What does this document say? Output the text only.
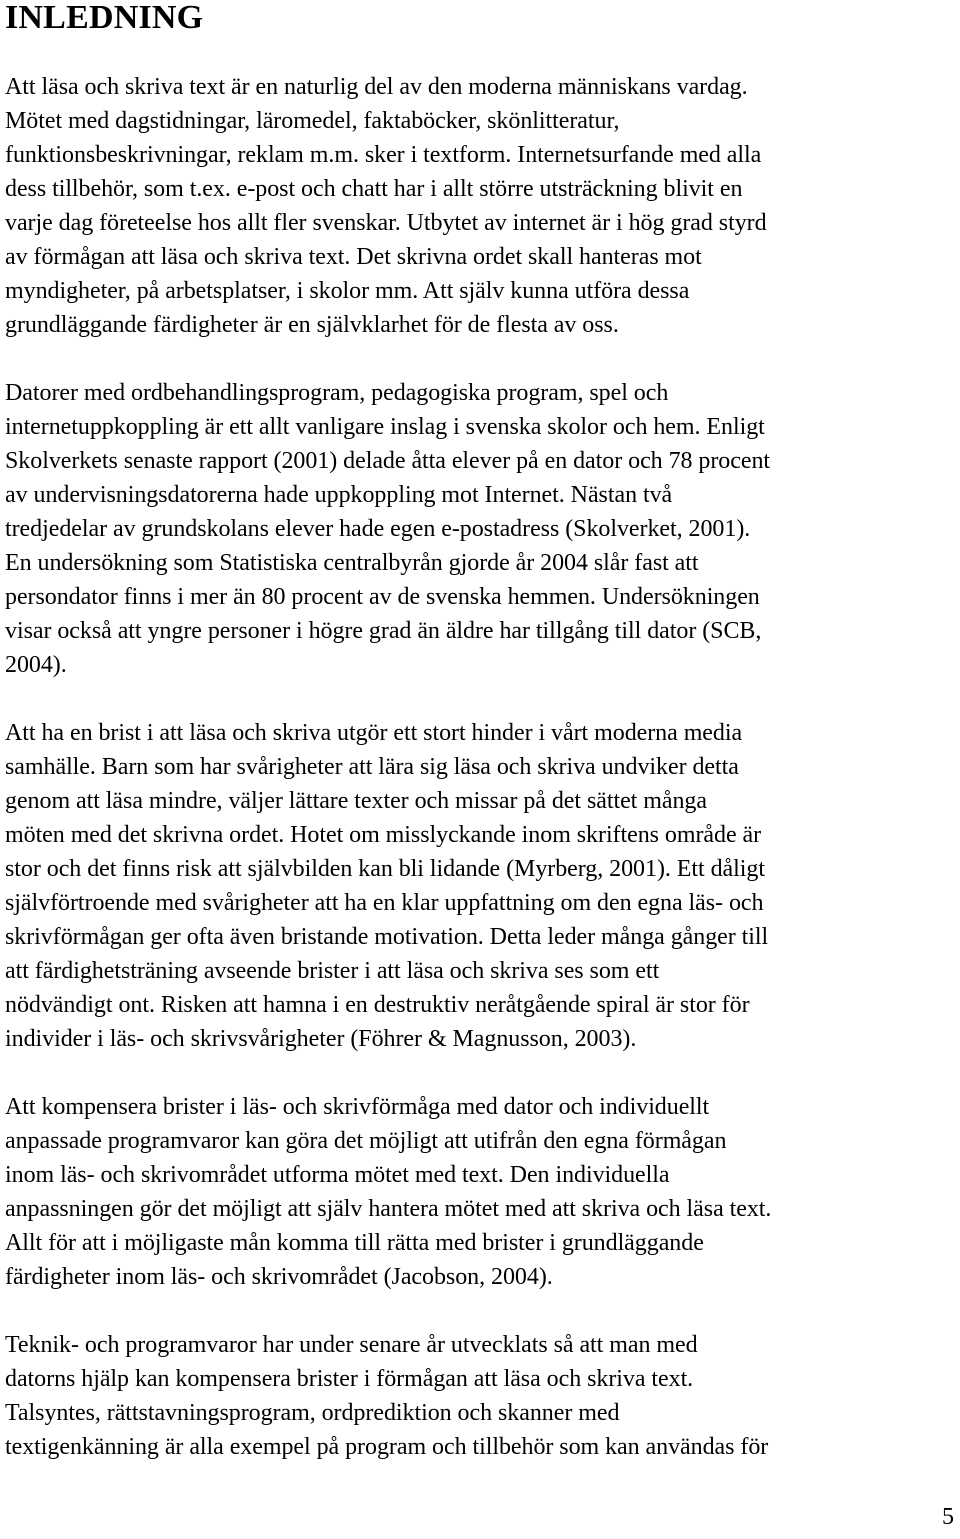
INLEDNING

Att läsa och skriva text är en naturlig del av den moderna människans vardag.
Mötet med dagstidningar, läromedel, faktaböcker, skönlitteratur,
funktionsbeskrivningar, reklam m.m. sker i textform. Internetsurfande med alla
dess tillbehör, som t.ex. e-post och chatt har i allt större utsträckning blivit en
varje dag företeelse hos allt fler svenskar. Utbytet av internet är i hög grad styrd
av förmågan att läsa och skriva text. Det skrivna ordet skall hanteras mot
myndigheter, på arbetsplatser, i skolor mm. Att själv kunna utföra dessa
grundläggande färdigheter är en självklarhet för de flesta av oss.

Datorer med ordbehandlingsprogram, pedagogiska program, spel och
internetuppkoppling är ett allt vanligare inslag i svenska skolor och hem. Enligt
Skolverkets senaste rapport (2001) delade åtta elever på en dator och 78 procent
av undervisningsdatorerna hade uppkoppling mot Internet. Nästan två
tredjedelar av grundskolans elever hade egen e-postadress (Skolverket, 2001).
En undersökning som Statistiska centralbyrån gjorde år 2004 slår fast att
persondator finns i mer än 80 procent av de svenska hemmen. Undersökningen
visar också att yngre personer i högre grad än äldre har tillgång till dator (SCB,
2004).

Att ha en brist i att läsa och skriva utgör ett stort hinder i vårt moderna media
samhälle. Barn som har svårigheter att lära sig läsa och skriva undviker detta
genom att läsa mindre, väljer lättare texter och missar på det sättet många
möten med det skrivna ordet. Hotet om misslyckande inom skriftens område är
stor och det finns risk att självbilden kan bli lidande (Myrberg, 2001). Ett dåligt
självförtroende med svårigheter att ha en klar uppfattning om den egna läs- och
skrivförmågan ger ofta även bristande motivation. Detta leder många gånger till
att färdighetsträning avseende brister i att läsa och skriva ses som ett
nödvändigt ont. Risken att hamna i en destruktiv neråtgående spiral är stor för
individer i läs- och skrivsvårigheter (Föhrer & Magnusson, 2003).

Att kompensera brister i läs- och skrivförmåga med dator och individuellt
anpassade programvaror kan göra det möjligt att utifrån den egna förmågan
inom läs- och skrivområdet utforma mötet med text. Den individuella
anpassningen gör det möjligt att själv hantera mötet med att skriva och läsa text.
Allt för att i möjligaste mån komma till rätta med brister i grundläggande
färdigheter inom läs- och skrivområdet (Jacobson, 2004).

Teknik- och programvaror har under senare år utvecklats så att man med
datorns hjälp kan kompensera brister i förmågan att läsa och skriva text.
Talsyntes, rättstavningsprogram, ordprediktion och skanner med
textigenkänning är alla exempel på program och tillbehör som kan användas för

5
